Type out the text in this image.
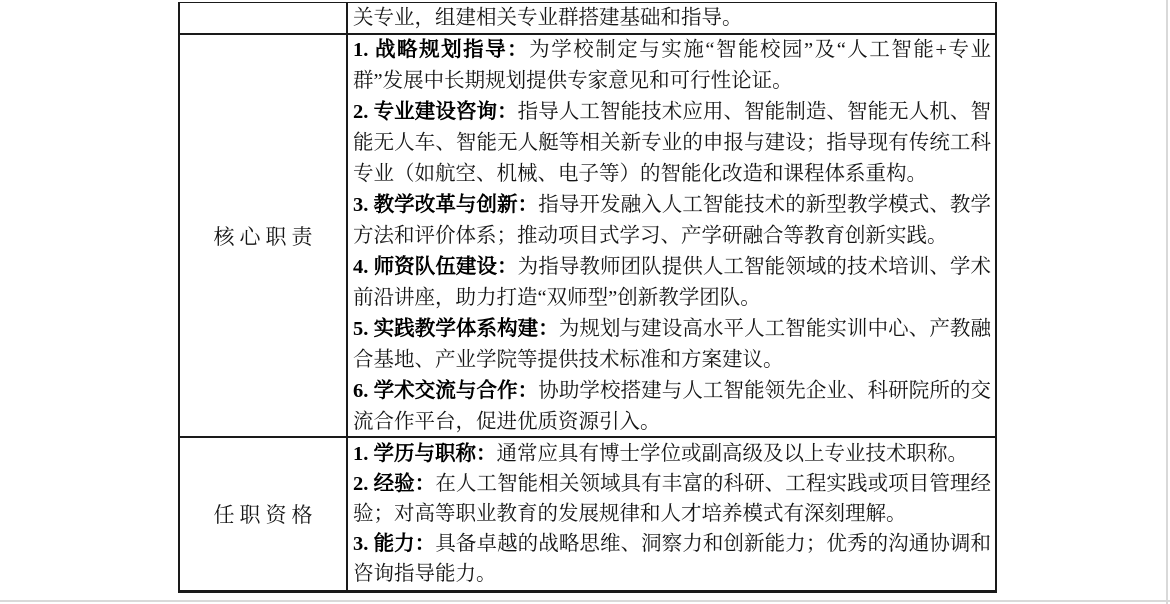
关专业，组建相关专业群搭建基础和指导。

核心职责

1. 战略规划指导：为学校制定与实施“智能校园”及“人工智能+专业群”发展中长期规划提供专家意见和可行性论证。

2. 专业建设咨询：指导人工智能技术应用、智能制造、智能无人机、智能无人车、智能无人艇等相关新专业的申报与建设；指导现有传统工科专业（如航空、机械、电子等）的智能化改造和课程体系重构。

3. 教学改革与创新：指导开发融入人工智能技术的新型教学模式、教学方法和评价体系；推动项目式学习、产学研融合等教育创新实践。

4. 师资队伍建设：为指导教师团队提供人工智能领域的技术培训、学术前沿讲座，助力打造“双师型”创新教学团队。

5. 实践教学体系构建：为规划与建设高水平人工智能实训中心、产教融合基地、产业学院等提供技术标准和方案建议。

6. 学术交流与合作：协助学校搭建与人工智能领先企业、科研院所的交流合作平台，促进优质资源引入。

任职资格

1. 学历与职称：通常应具有博士学位或副高级及以上专业技术职称。

2. 经验：在人工智能相关领域具有丰富的科研、工程实践或项目管理经验；对高等职业教育的发展规律和人才培养模式有深刻理解。

3. 能力：具备卓越的战略思维、洞察力和创新能力；优秀的沟通协调和咨询指导能力。
